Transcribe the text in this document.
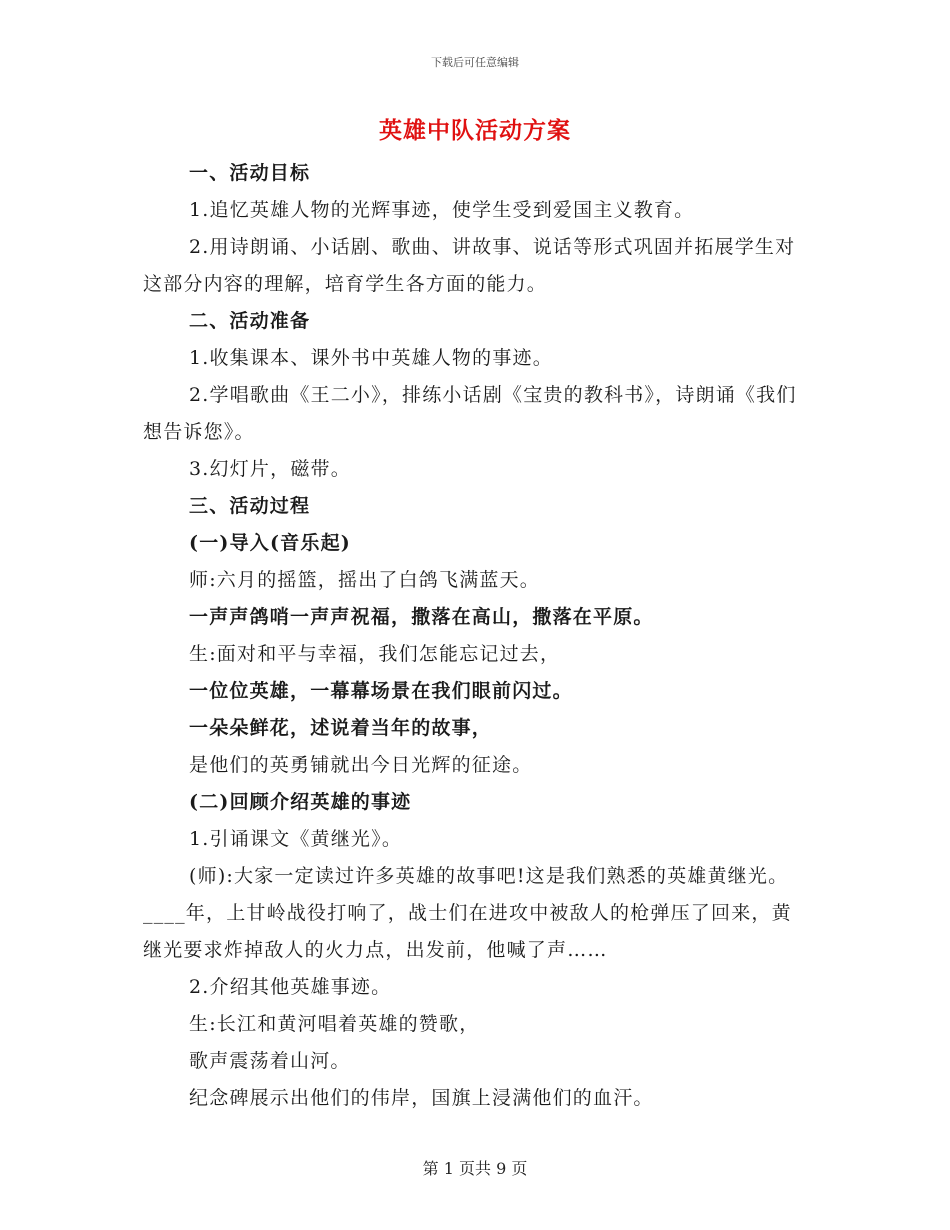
下载后可任意编辑
英雄中队活动方案

一、活动目标

1.追忆英雄人物的光辉事迹，使学生受到爱国主义教育。

2.用诗朗诵、小话剧、歌曲、讲故事、说话等形式巩固并拓展学生对这部分内容的理解，培育学生各方面的能力。

二、活动准备

1.收集课本、课外书中英雄人物的事迹。

2.学唱歌曲《王二小》，排练小话剧《宝贵的教科书》，诗朗诵《我们想告诉您》。

3.幻灯片，磁带。

三、活动过程

(一)导入(音乐起)

师:六月的摇篮，摇出了白鸽飞满蓝天。

一声声鸽哨一声声祝福，撒落在高山，撒落在平原。

生:面对和平与幸福，我们怎能忘记过去，

一位位英雄，一幕幕场景在我们眼前闪过。

一朵朵鲜花，述说着当年的故事，

是他们的英勇铺就出今日光辉的征途。

(二)回顾介绍英雄的事迹

1.引诵课文《黄继光》。

(师):大家一定读过许多英雄的故事吧!这是我们熟悉的英雄黄继光。____年，上甘岭战役打响了，战士们在进攻中被敌人的枪弹压了回来，黄继光要求炸掉敌人的火力点，出发前，他喊了声……

2.介绍其他英雄事迹。

生:长江和黄河唱着英雄的赞歌，

歌声震荡着山河。

纪念碑展示出他们的伟岸，国旗上浸满他们的血汗。

第 1 页共 9 页
